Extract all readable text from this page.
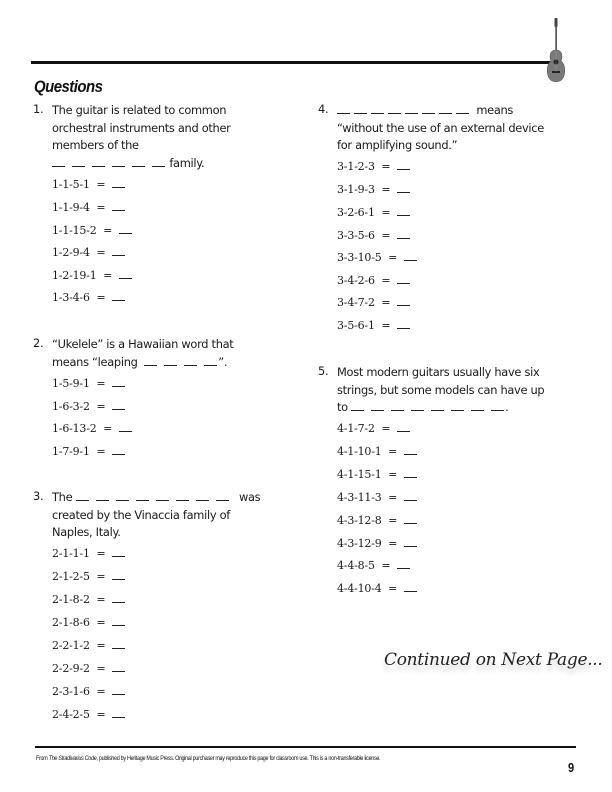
Questions
1. The guitar is related to common
orchestral instruments and other
members of the
family.
1-1-5-1 =
1-1-9-4 =
1-1-15-2 =
1-2-9-4 =
1-2-19-1 =
1-3-4-6 =
2. “Ukelele” is a Hawaiian word that
means “leaping	”.
1-5-9-1 =
1-6-3-2 =
1-6-13-2 =
1-7-9-1 =
3. The	was
created by the Vinaccia family of
Naples, Italy.
2-1-1-1 =
2-1-2-5 =
2-1-8-2 =
2-1-8-6 =
2-2-1-2 =
2-2-9-2 =
2-3-1-6 =
2-4-2-5 =
4.	means
“without the use of an external device
for amplifying sound.”
3-1-2-3 =
3-1-9-3 =
3-2-6-1 =
3-3-5-6 =
3-3-10-5 =
3-4-2-6 =
3-4-7-2 =
3-5-6-1 =
5. Most modern guitars usually have six
strings, but some models can have up
to	.
4-1-7-2 =
4-1-10-1 =
4-1-15-1 =
4-3-11-3 =
4-3-12-8 =
4-3-12-9 =
4-4-8-5 =
4-4-10-4 =
Continued on Next Page...
From The Stradivarius Code, published by Heritage Music Press. Original purchaser may reproduce this page for classroom use. This is a non-transferable license.
9
